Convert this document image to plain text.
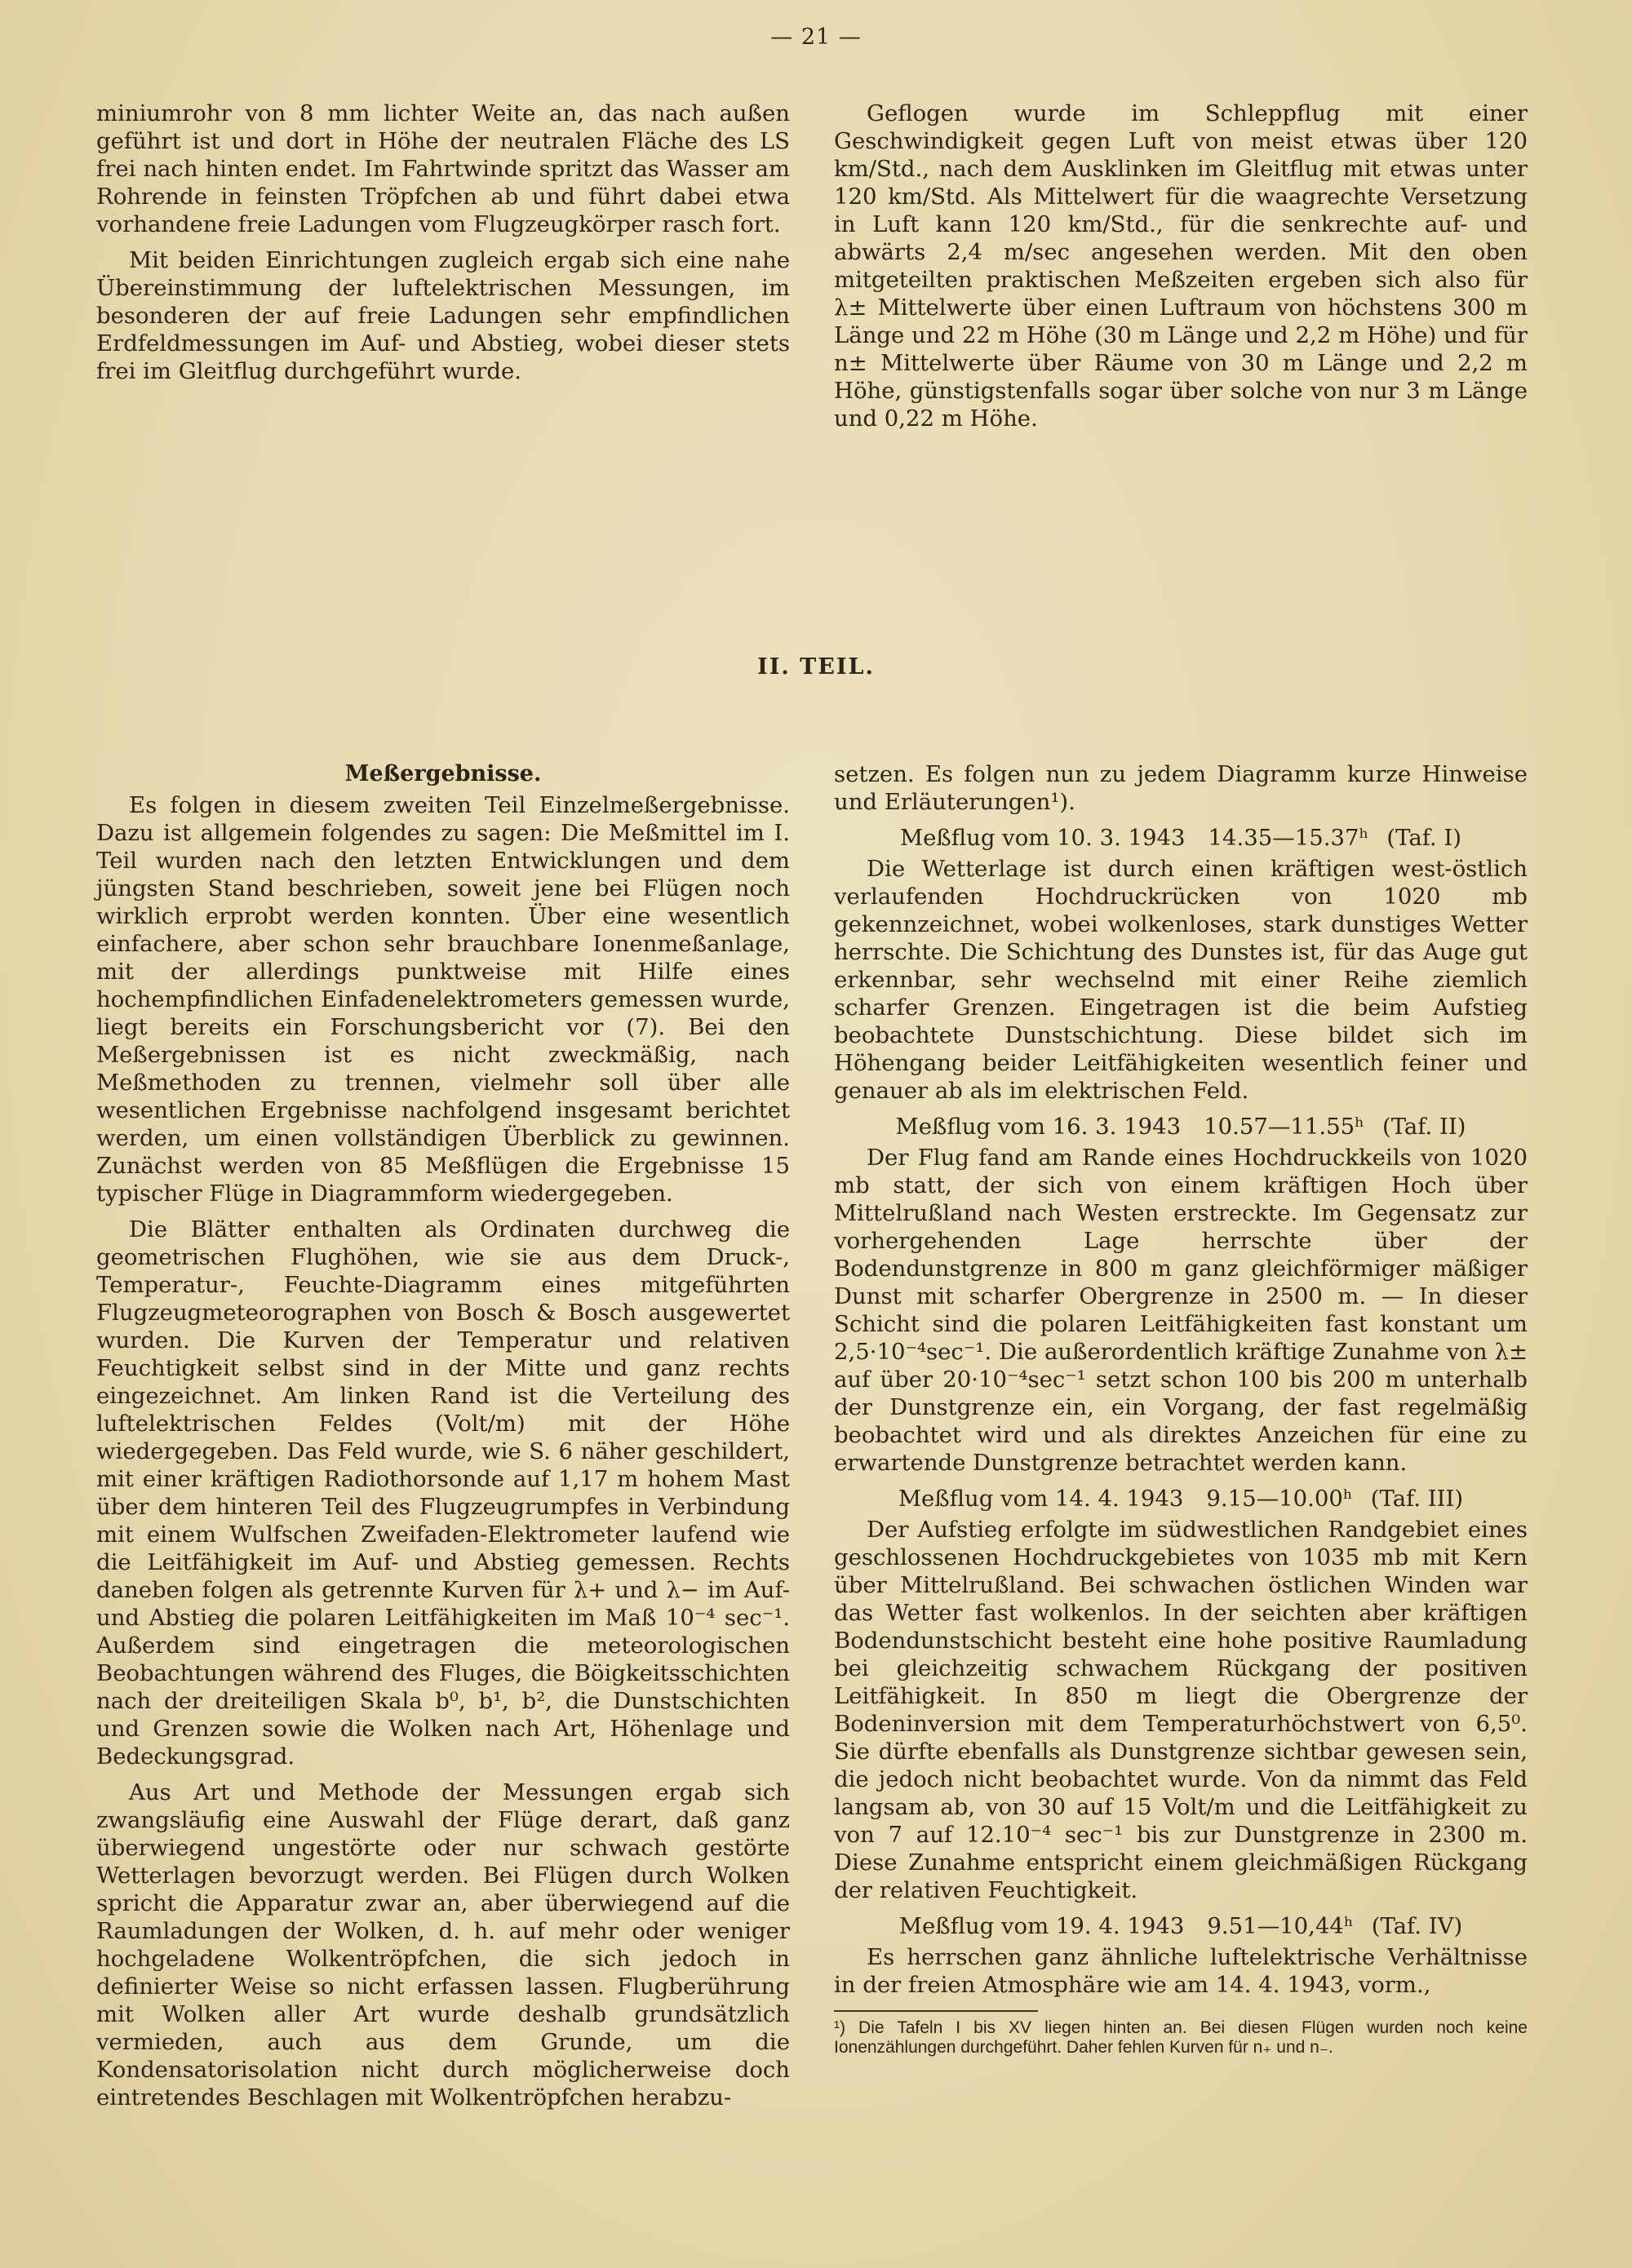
— 21 —

miniumrohr von 8 mm lichter Weite an, das nach außen geführt ist und dort in Höhe der neutralen Fläche des LS frei nach hinten endet. Im Fahrtwinde spritzt das Wasser am Rohrende in feinsten Tröpfchen ab und führt dabei etwa vorhandene freie Ladungen vom Flugzeugkörper rasch fort.

Mit beiden Einrichtungen zugleich ergab sich eine nahe Übereinstimmung der luftelektrischen Messungen, im besonderen der auf freie Ladungen sehr empfindlichen Erdfeldmessungen im Auf- und Abstieg, wobei dieser stets frei im Gleitflug durchgeführt wurde.

Geflogen wurde im Schleppflug mit einer Geschwindigkeit gegen Luft von meist etwas über 120 km/Std., nach dem Ausklinken im Gleitflug mit etwas unter 120 km/Std. Als Mittelwert für die waagrechte Versetzung in Luft kann 120 km/Std., für die senkrechte auf- und abwärts 2,4 m/sec angesehen werden. Mit den oben mitgeteilten praktischen Meßzeiten ergeben sich also für λ± Mittelwerte über einen Luftraum von höchstens 300 m Länge und 22 m Höhe (30 m Länge und 2,2 m Höhe) und für n± Mittelwerte über Räume von 30 m Länge und 2,2 m Höhe, günstigstenfalls sogar über solche von nur 3 m Länge und 0,22 m Höhe.

II. TEIL.
Meßergebnisse.

Es folgen in diesem zweiten Teil Einzelmeßergebnisse. Dazu ist allgemein folgendes zu sagen: Die Meßmittel im I. Teil wurden nach den letzten Entwicklungen und dem jüngsten Stand beschrieben, soweit jene bei Flügen noch wirklich erprobt werden konnten. Über eine wesentlich einfachere, aber schon sehr brauchbare Ionenmeßanlage, mit der allerdings punktweise mit Hilfe eines hochempfindlichen Einfadenelektrometers gemessen wurde, liegt bereits ein Forschungsbericht vor (7). Bei den Meßergebnissen ist es nicht zweckmäßig, nach Meßmethoden zu trennen, vielmehr soll über alle wesentlichen Ergebnisse nachfolgend insgesamt berichtet werden, um einen vollständigen Überblick zu gewinnen. Zunächst werden von 85 Meßflügen die Ergebnisse 15 typischer Flüge in Diagrammform wiedergegeben.

Die Blätter enthalten als Ordinaten durchweg die geometrischen Flughöhen, wie sie aus dem Druck-, Temperatur-, Feuchte-Diagramm eines mitgeführten Flugzeugmeteorographen von Bosch & Bosch ausgewertet wurden. Die Kurven der Temperatur und relativen Feuchtigkeit selbst sind in der Mitte und ganz rechts eingezeichnet. Am linken Rand ist die Verteilung des luftelektrischen Feldes (Volt/m) mit der Höhe wiedergegeben. Das Feld wurde, wie S. 6 näher geschildert, mit einer kräftigen Radiothorsonde auf 1,17 m hohem Mast über dem hinteren Teil des Flugzeugrumpfes in Verbindung mit einem Wulfschen Zweifaden-Elektrometer laufend wie die Leitfähigkeit im Auf- und Abstieg gemessen. Rechts daneben folgen als getrennte Kurven für λ+ und λ− im Auf- und Abstieg die polaren Leitfähigkeiten im Maß 10⁻⁴ sec⁻¹. Außerdem sind eingetragen die meteorologischen Beobachtungen während des Fluges, die Böigkeitsschichten nach der dreiteiligen Skala b⁰, b¹, b², die Dunstschichten und Grenzen sowie die Wolken nach Art, Höhenlage und Bedeckungsgrad.

Aus Art und Methode der Messungen ergab sich zwangsläufig eine Auswahl der Flüge derart, daß ganz überwiegend ungestörte oder nur schwach gestörte Wetterlagen bevorzugt werden. Bei Flügen durch Wolken spricht die Apparatur zwar an, aber überwiegend auf die Raumladungen der Wolken, d. h. auf mehr oder weniger hochgeladene Wolkentröpfchen, die sich jedoch in definierter Weise so nicht erfassen lassen. Flugberührung mit Wolken aller Art wurde deshalb grundsätzlich vermieden, auch aus dem Grunde, um die Kondensatorisolation nicht durch möglicherweise doch eintretendes Beschlagen mit Wolkentröpfchen herabzu-

setzen. Es folgen nun zu jedem Diagramm kurze Hinweise und Erläuterungen¹).

Meßflug vom 10. 3. 1943 14.35—15.37ʰ (Taf. I)

Die Wetterlage ist durch einen kräftigen west-östlich verlaufenden Hochdruckrücken von 1020 mb gekennzeichnet, wobei wolkenloses, stark dunstiges Wetter herrschte. Die Schichtung des Dunstes ist, für das Auge gut erkennbar, sehr wechselnd mit einer Reihe ziemlich scharfer Grenzen. Eingetragen ist die beim Aufstieg beobachtete Dunstschichtung. Diese bildet sich im Höhengang beider Leitfähigkeiten wesentlich feiner und genauer ab als im elektrischen Feld.

Meßflug vom 16. 3. 1943 10.57—11.55ʰ (Taf. II)

Der Flug fand am Rande eines Hochdruckkeils von 1020 mb statt, der sich von einem kräftigen Hoch über Mittelrußland nach Westen erstreckte. Im Gegensatz zur vorhergehenden Lage herrschte über der Bodendunstgrenze in 800 m ganz gleichförmiger mäßiger Dunst mit scharfer Obergrenze in 2500 m. — In dieser Schicht sind die polaren Leitfähigkeiten fast konstant um 2,5·10⁻⁴sec⁻¹. Die außerordentlich kräftige Zunahme von λ± auf über 20·10⁻⁴sec⁻¹ setzt schon 100 bis 200 m unterhalb der Dunstgrenze ein, ein Vorgang, der fast regelmäßig beobachtet wird und als direktes Anzeichen für eine zu erwartende Dunstgrenze betrachtet werden kann.

Meßflug vom 14. 4. 1943 9.15—10.00ʰ (Taf. III)

Der Aufstieg erfolgte im südwestlichen Randgebiet eines geschlossenen Hochdruckgebietes von 1035 mb mit Kern über Mittelrußland. Bei schwachen östlichen Winden war das Wetter fast wolkenlos. In der seichten aber kräftigen Bodendunstschicht besteht eine hohe positive Raumladung bei gleichzeitig schwachem Rückgang der positiven Leitfähigkeit. In 850 m liegt die Obergrenze der Bodeninversion mit dem Temperaturhöchstwert von 6,5⁰. Sie dürfte ebenfalls als Dunstgrenze sichtbar gewesen sein, die jedoch nicht beobachtet wurde. Von da nimmt das Feld langsam ab, von 30 auf 15 Volt/m und die Leitfähigkeit zu von 7 auf 12.10⁻⁴ sec⁻¹ bis zur Dunstgrenze in 2300 m. Diese Zunahme entspricht einem gleichmäßigen Rückgang der relativen Feuchtigkeit.

Meßflug vom 19. 4. 1943 9.51—10,44ʰ (Taf. IV)

Es herrschen ganz ähnliche luftelektrische Verhältnisse in der freien Atmosphäre wie am 14. 4. 1943, vorm.,

¹) Die Tafeln I bis XV liegen hinten an. Bei diesen Flügen wurden noch keine Ionenzählungen durchgeführt. Daher fehlen Kurven für n₊ und n₋.
